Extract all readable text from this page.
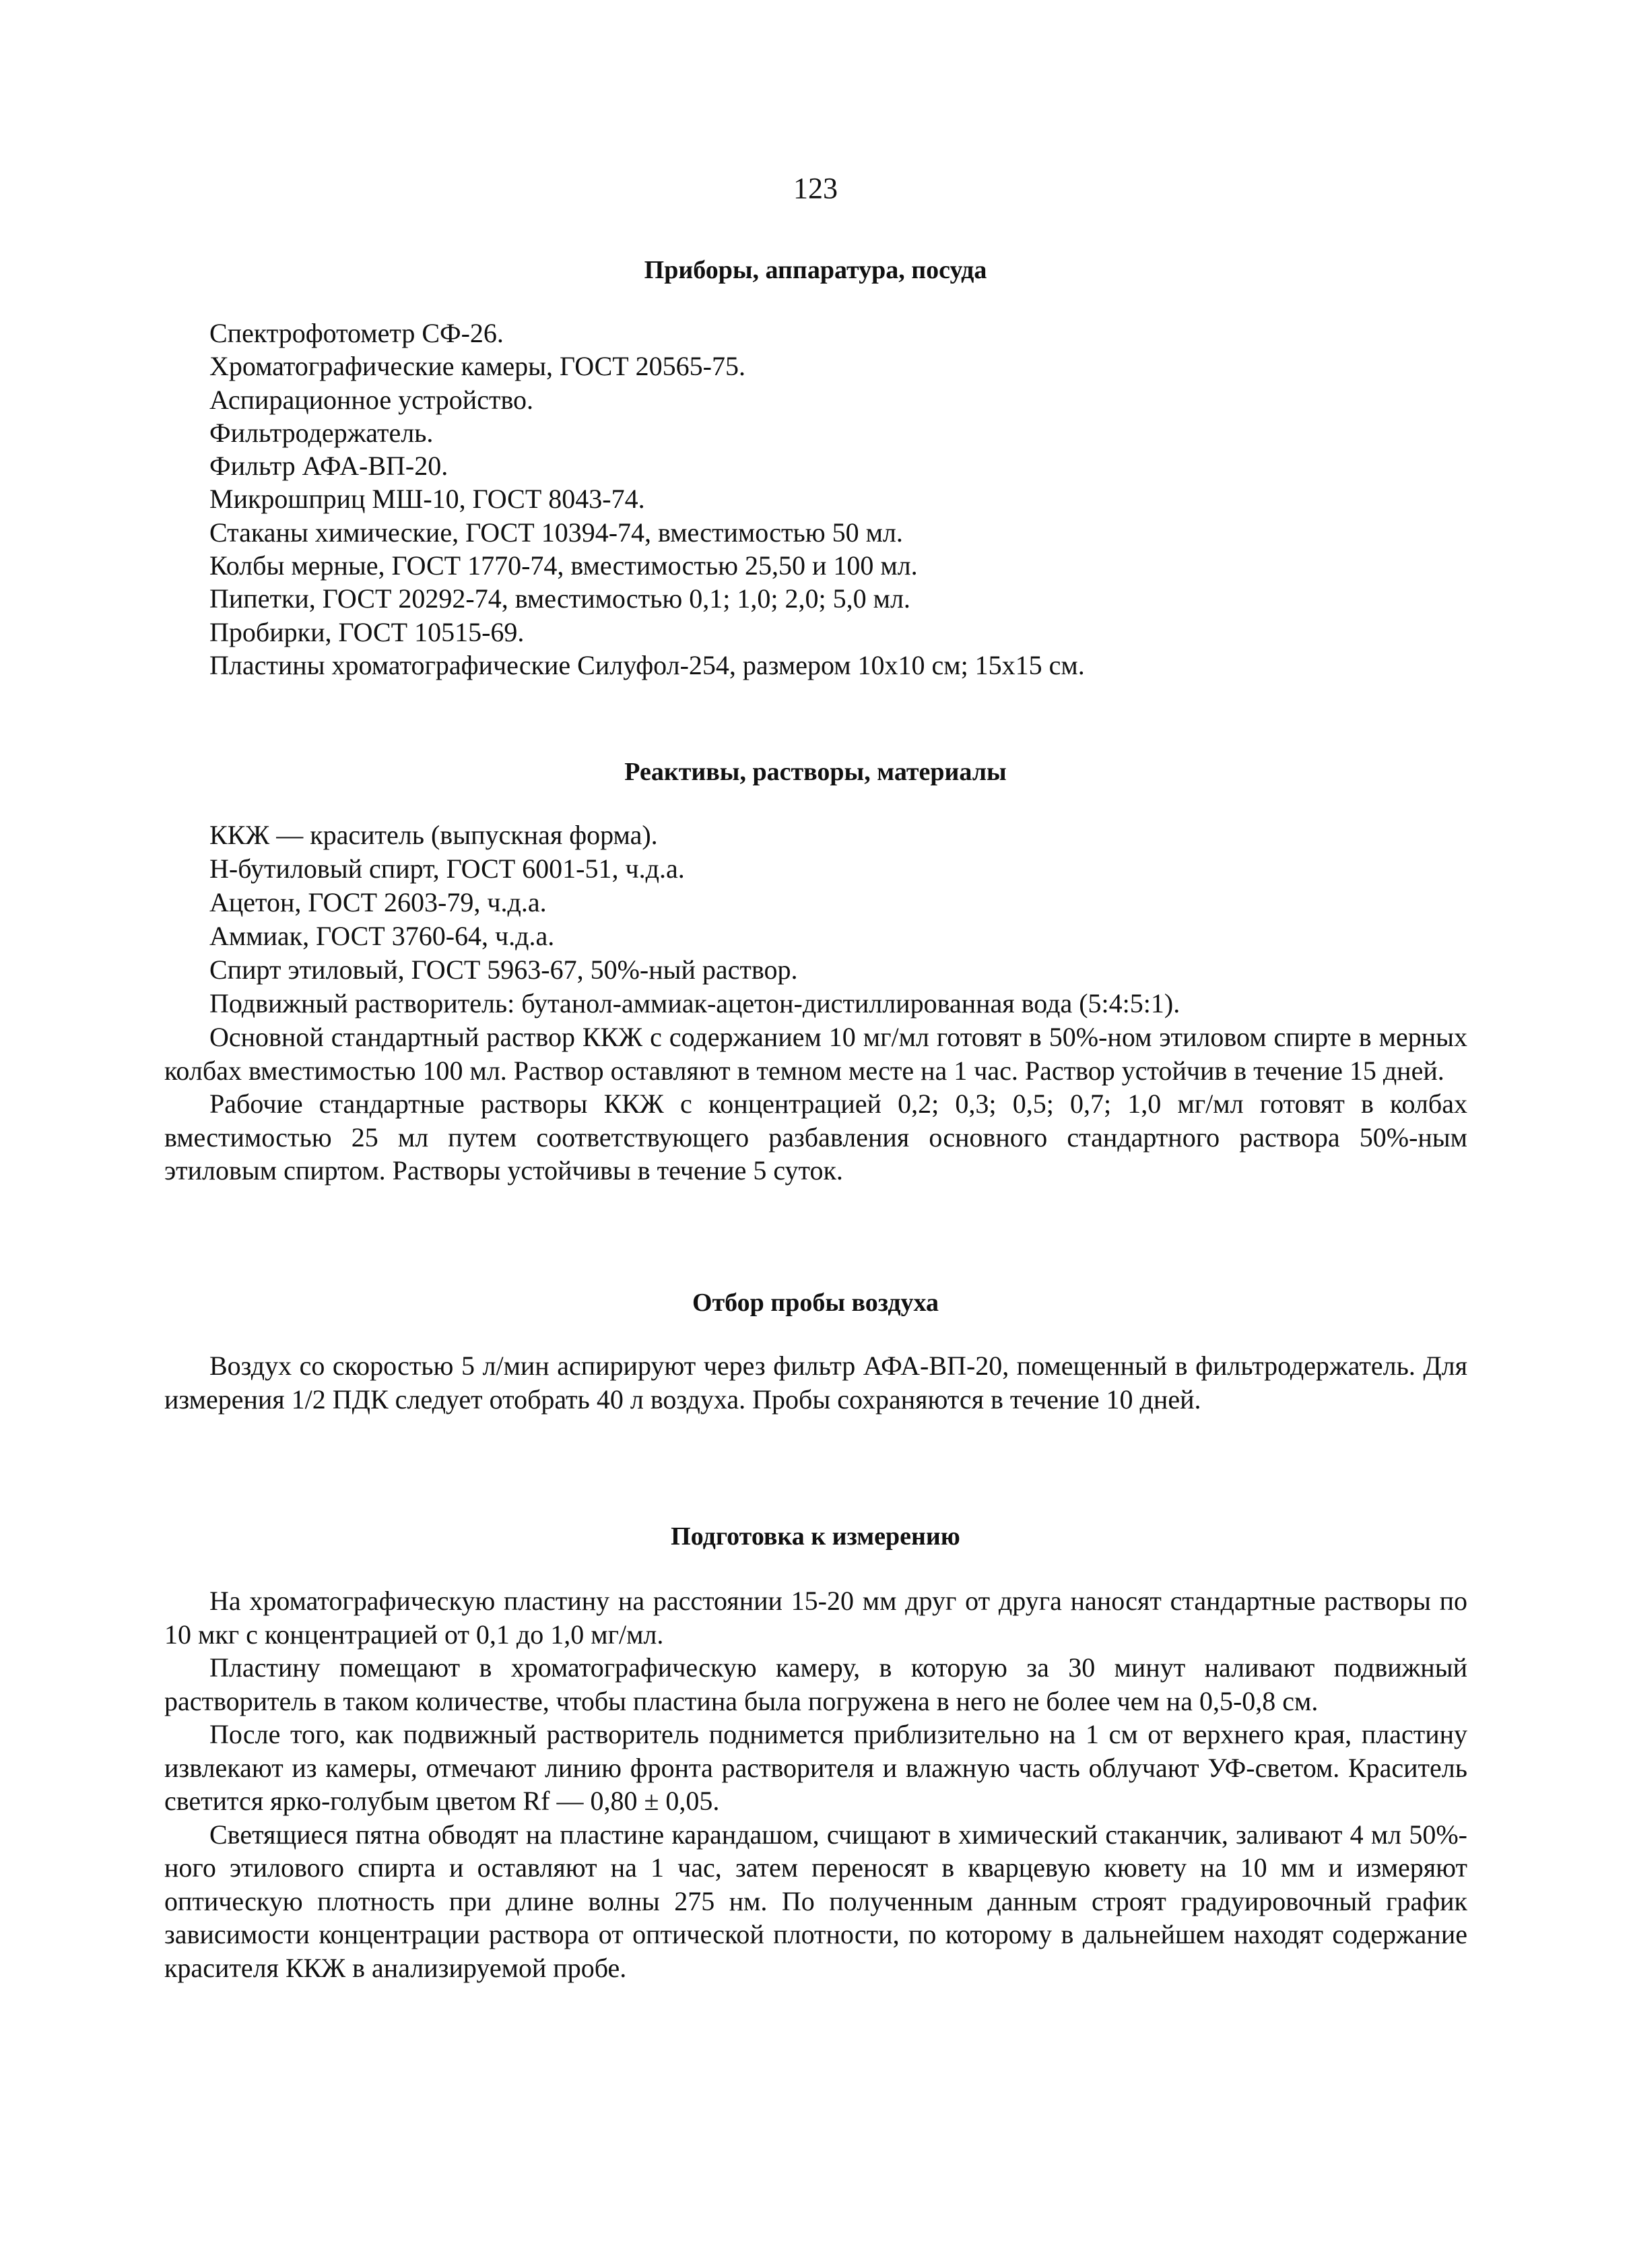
123
Приборы, аппаратура, посуда
Спектрофотометр СФ-26.
Хроматографические камеры, ГОСТ 20565-75.
Аспирационное устройство.
Фильтродержатель.
Фильтр АФА-ВП-20.
Микрошприц МШ-10, ГОСТ 8043-74.
Стаканы химические, ГОСТ 10394-74, вместимостью 50 мл.
Колбы мерные, ГОСТ 1770-74, вместимостью 25,50 и 100 мл.
Пипетки, ГОСТ 20292-74, вместимостью 0,1; 1,0; 2,0; 5,0 мл.
Пробирки, ГОСТ 10515-69.
Пластины хроматографические Силуфол-254, размером 10х10 см; 15х15 см.
Реактивы, растворы, материалы
ККЖ — краситель (выпускная форма).
Н-бутиловый спирт, ГОСТ 6001-51, ч.д.а.
Ацетон, ГОСТ 2603-79, ч.д.а.
Аммиак, ГОСТ 3760-64, ч.д.а.
Спирт этиловый, ГОСТ 5963-67, 50%-ный раствор.
Подвижный растворитель: бутанол-аммиак-ацетон-дистиллированная вода (5:4:5:1).

Основной стандартный раствор ККЖ с содержанием 10 мг/мл готовят в 50%-ном этиловом спирте в мерных колбах вместимостью 100 мл. Раствор оставляют в темном месте на 1 час. Раствор устойчив в течение 15 дней.

Рабочие стандартные растворы ККЖ с концентрацией 0,2; 0,3; 0,5; 0,7; 1,0 мг/мл готовят в колбах вместимостью 25 мл путем соответствующего разбавления основного стандартного раствора 50%-ным этиловым спиртом. Растворы устойчивы в течение 5 суток.

Отбор пробы воздуха

Воздух со скоростью 5 л/мин аспирируют через фильтр АФА-ВП-20, помещенный в фильтродержатель. Для измерения 1/2 ПДК следует отобрать 40 л воздуха. Пробы сохраняются в течение 10 дней.

Подготовка к измерению

На хроматографическую пластину на расстоянии 15-20 мм друг от друга наносят стандартные растворы по 10 мкг с концентрацией от 0,1 до 1,0 мг/мл.

Пластину помещают в хроматографическую камеру, в которую за 30 минут наливают подвижный растворитель в таком количестве, чтобы пластина была погружена в него не более чем на 0,5-0,8 см.

После того, как подвижный растворитель поднимется приблизительно на 1 см от верхнего края, пластину извлекают из камеры, отмечают линию фронта растворителя и влажную часть облучают УФ-светом. Краситель светится ярко-голубым цветом Rf — 0,80 ± 0,05.

Светящиеся пятна обводят на пластине карандашом, счищают в химический стаканчик, заливают 4 мл 50%-ного этилового спирта и оставляют на 1 час, затем переносят в кварцевую кювету на 10 мм и измеряют оптическую плотность при длине волны 275 нм. По полученным данным строят градуировочный график зависимости концентрации раствора от оптической плотности, по которому в дальнейшем находят содержание красителя ККЖ в анализируемой пробе.
